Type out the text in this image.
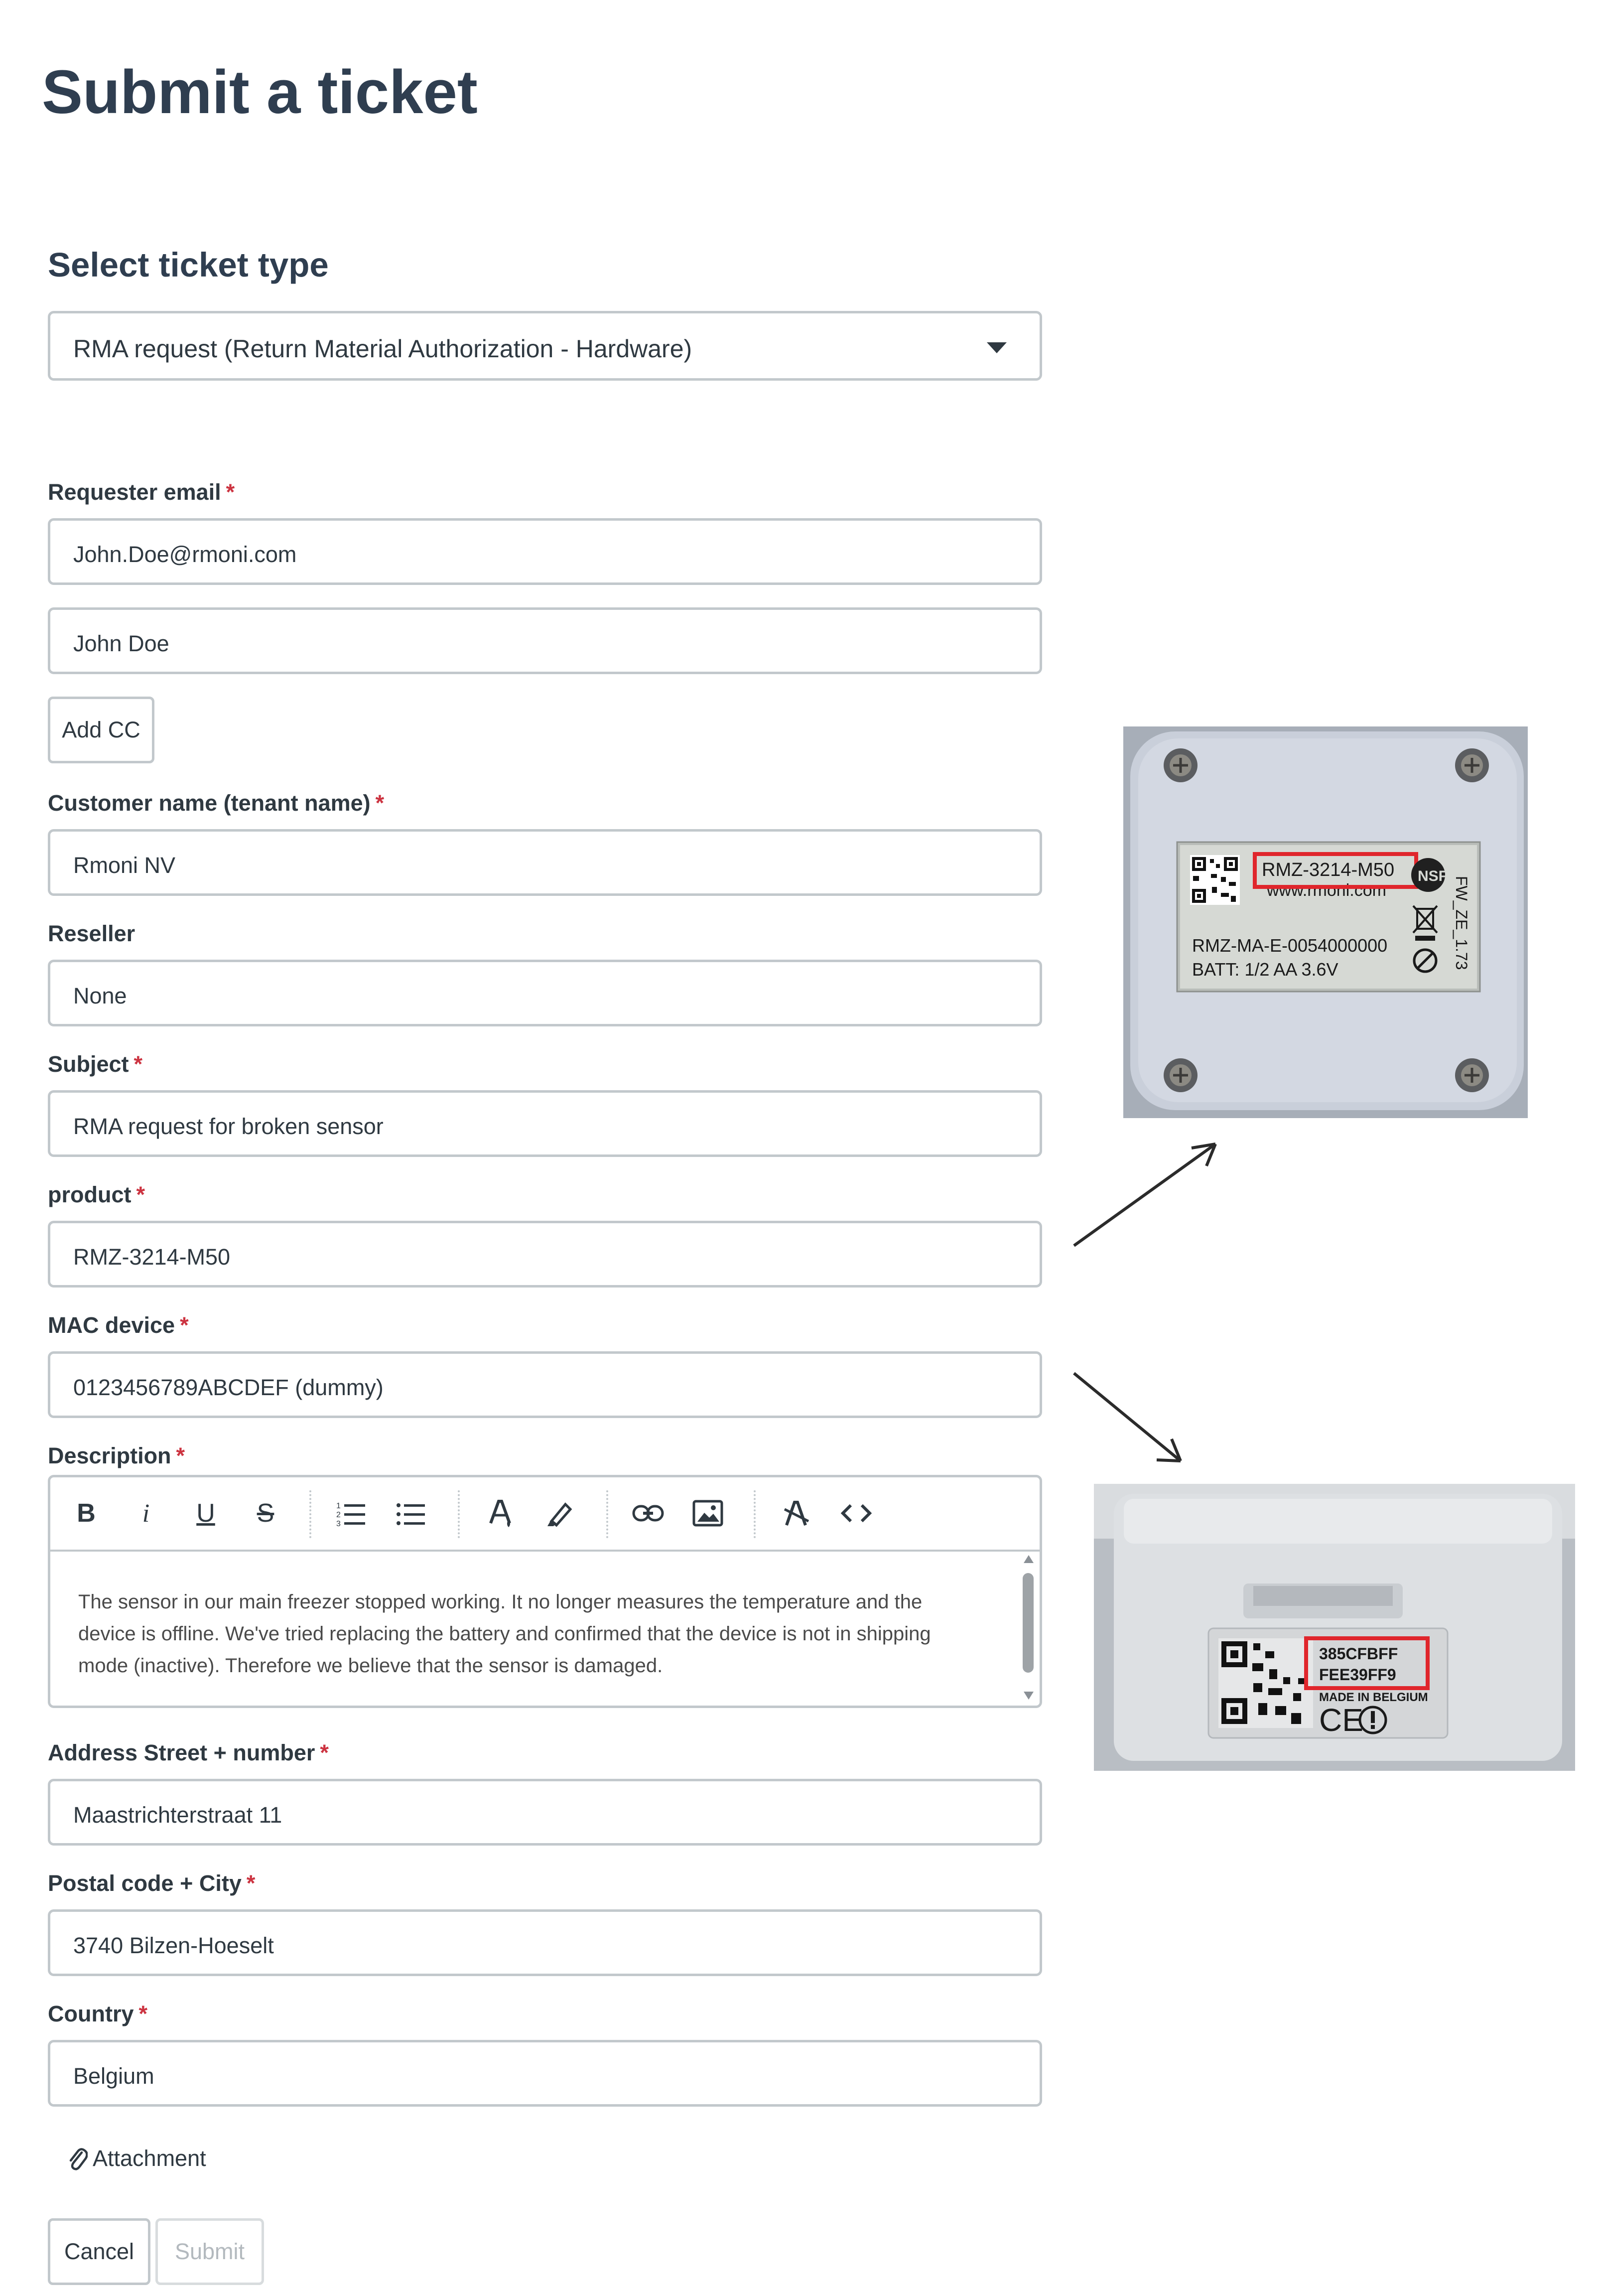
Submit a ticket
Select ticket type
RMA request (Return Material Authorization - Hardware)
Requester email *
John.Doe@rmoni.com
John Doe
Add CC
Customer name (tenant name) *
Rmoni NV
Reseller
None
Subject *
RMA request for broken sensor
product *
RMZ-3214-M50
MAC device *
0123456789ABCDEF (dummy)
Description *
B	i	U S	1
2
3
The sensor in our main freezer stopped working. It no longer measures the temperature and the
device is offline. We've tried replacing the battery and confirmed that the device is not in shipping
mode (inactive). Therefore we believe that the sensor is damaged.
Address Street + number *
Maastrichterstraat 11
Postal code + City *
3740 Bilzen-Hoeselt
Country *
Belgium
Attachment
Cancel	Submit
RMZ-3214-M50
www.rmoni.com
NSF FW_ZE_1.73
RMZ-MA-E-0054000000
BATT: 1/2 AA 3.6V
385CFBFF
FEE39FF9
MADE IN BELGIUM
CE
